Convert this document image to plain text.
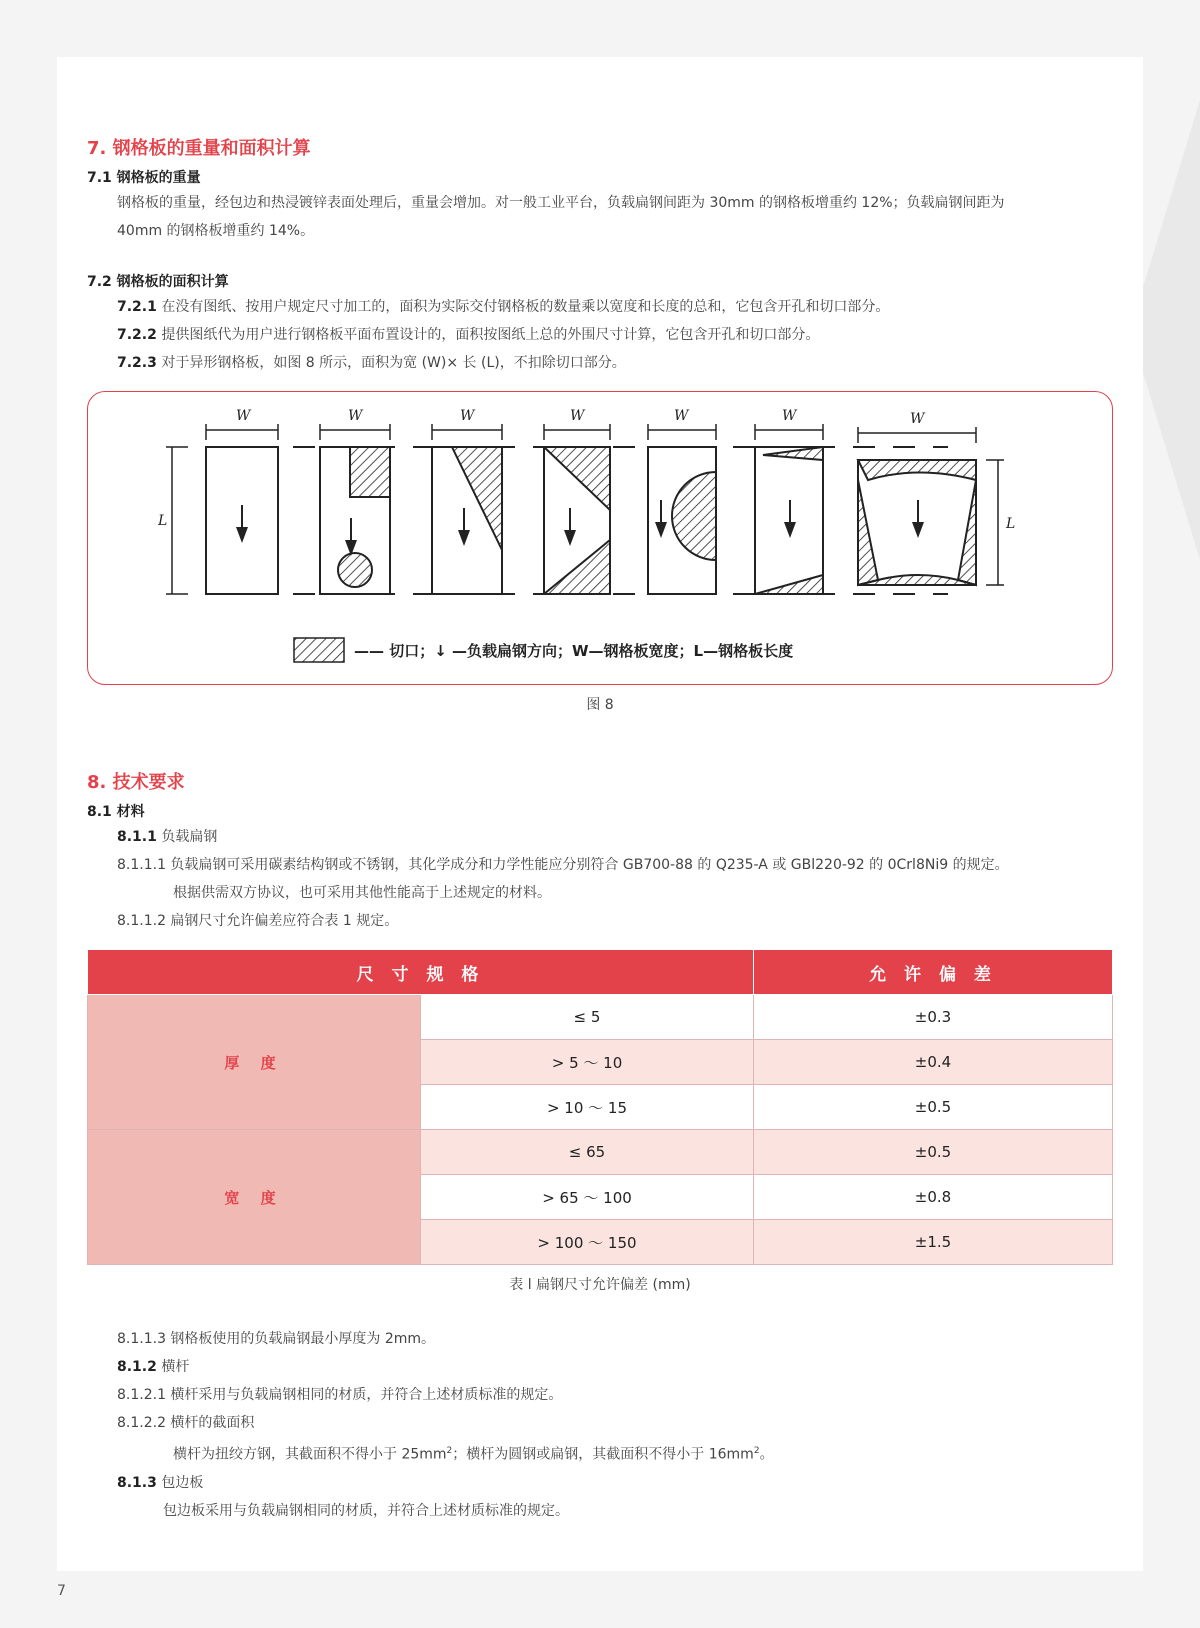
7. 钢格板的重量和面积计算
7.1 钢格板的重量

钢格板的重量，经包边和热浸镀锌表面处理后，重量会增加。对一般工业平台，负载扁钢间距为 30mm 的钢格板增重约 12%；负载扁钢间距为

40mm 的钢格板增重约 14%。

7.2 钢格板的面积计算

7.2.1 在没有图纸、按用户规定尺寸加工的，面积为实际交付钢格板的数量乘以宽度和长度的总和，它包含开孔和切口部分。

7.2.2 提供图纸代为用户进行钢格板平面布置设计的，面积按图纸上总的外围尺寸计算，它包含开孔和切口部分。

7.2.3 对于异形钢格板，如图 8 所示，面积为宽 (W)× 长 (L)，不扣除切口部分。

W	W	W	W	W	W	W
L	L
—— 切口；↓ —负载扁钢方向；W—钢格板宽度；L—钢格板长度
图 8
8. 技术要求
8.1 材料

8.1.1 负载扁钢

8.1.1.1 负载扁钢可采用碳素结构钢或不锈钢，其化学成分和力学性能应分别符合 GB700-88 的 Q235-A 或 GBl220-92 的 0Crl8Ni9 的规定。

根据供需双方协议，也可采用其他性能高于上述规定的材料。

8.1.1.2 扁钢尺寸允许偏差应符合表 1 规定。

尺 寸 规 格		允 许 偏 差
厚 度	≤ 5	±0.3
	> 5 ～ 10	±0.4
	> 10 ～ 15	±0.5
宽 度	≤ 65	±0.5
	> 65 ～ 100	±0.8
	> 100 ～ 150	±1.5
表 l 扁钢尺寸允许偏差 (mm)

8.1.1.3 钢格板使用的负载扁钢最小厚度为 2mm。

8.1.2 横杆

8.1.2.1 横杆采用与负载扁钢相同的材质，并符合上述材质标准的规定。

8.1.2.2 横杆的截面积

横杆为扭绞方钢，其截面积不得小于 $25mm^2$；横杆为圆钢或扁钢，其截面积不得小于 $16mm^2$。

8.1.3 包边板

包边板采用与负载扁钢相同的材质，并符合上述材质标准的规定。

7
